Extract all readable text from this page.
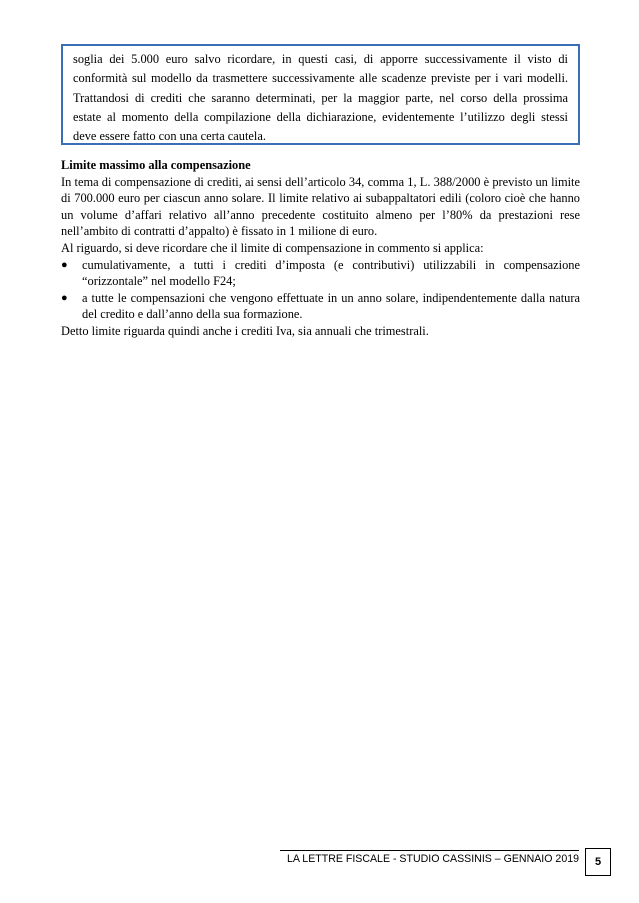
soglia dei 5.000 euro salvo ricordare, in questi casi, di apporre successivamente il visto di

conformità sul modello da trasmettere successivamente alle scadenze previste per i vari modelli.

Trattandosi di crediti che saranno determinati, per la maggior parte, nel corso della prossima

estate al momento della compilazione della dichiarazione, evidentemente l’utilizzo degli stessi

deve essere fatto con una certa cautela.

Limite massimo alla compensazione

In tema di compensazione di crediti, ai sensi dell’articolo 34, comma 1, L. 388/2000 è previsto un limite di 700.000 euro per ciascun anno solare. Il limite relativo ai subappaltatori edili (coloro cioè che hanno un volume d’affari relativo all’anno precedente costituito almeno per l’80% da prestazioni rese nell’ambito di contratti d’appalto) è fissato in 1 milione di euro.

Al riguardo, si deve ricordare che il limite di compensazione in commento si applica:

● cumulativamente, a tutti i crediti d’imposta (e contributivi) utilizzabili in compensazione “orizzontale” nel modello F24;
● a tutte le compensazioni che vengono effettuate in un anno solare, indipendentemente dalla natura del credito e dall’anno della sua formazione.

Detto limite riguarda quindi anche i crediti Iva, sia annuali che trimestrali.

LA LETTRE FISCALE - STUDIO CASSINIS – GENNAIO 2019	5
